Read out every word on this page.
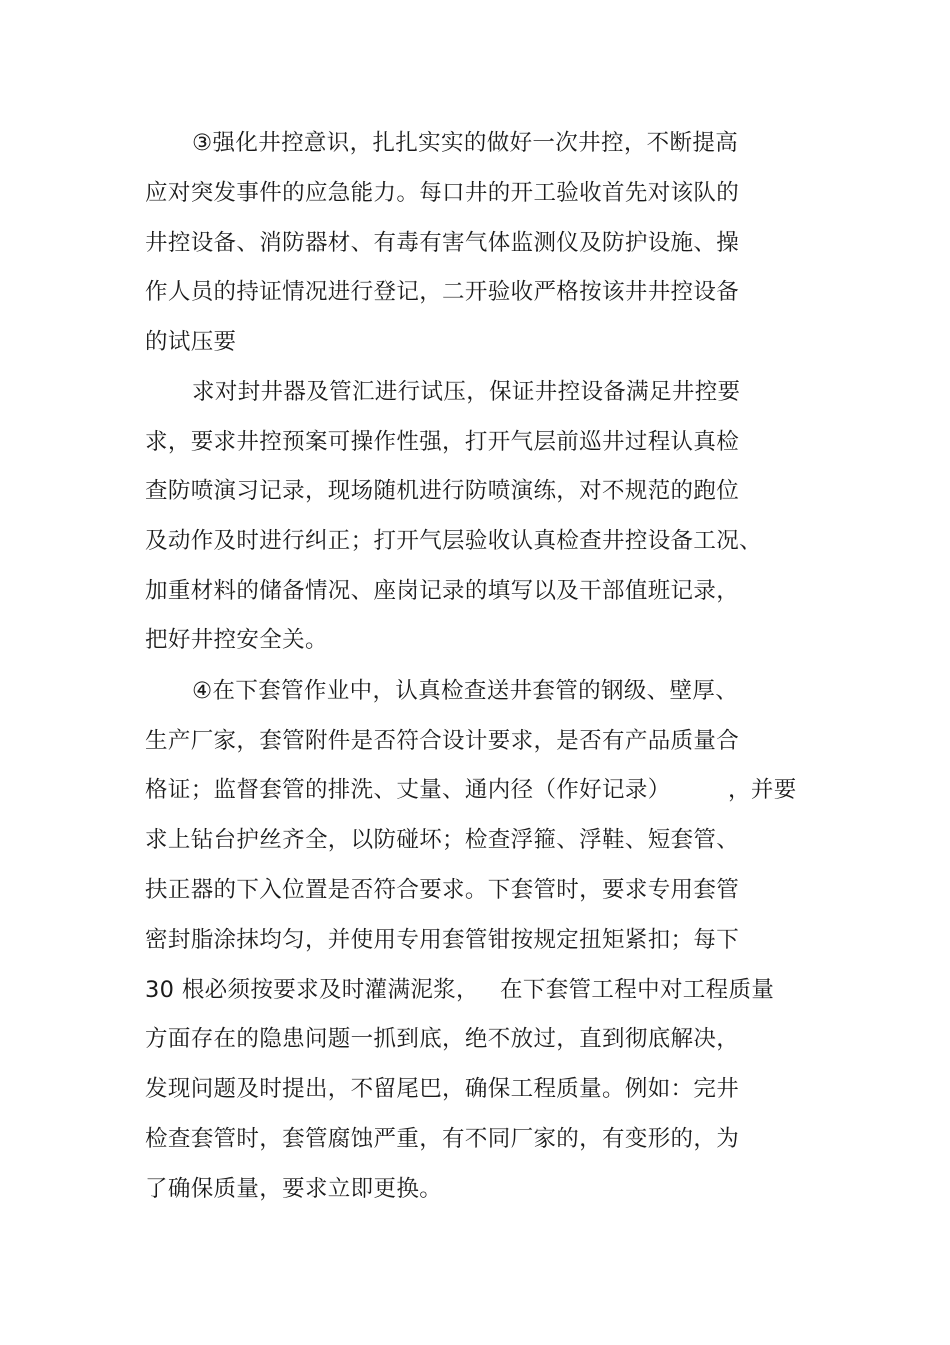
③强化井控意识，扎扎实实的做好一次井控，不断提高
应对突发事件的应急能力。每口井的开工验收首先对该队的
井控设备、消防器材、有毒有害气体监测仪及防护设施、操
作人员的持证情况进行登记，二开验收严格按该井井控设备
的试压要
求对封井器及管汇进行试压，保证井控设备满足井控要
求，要求井控预案可操作性强，打开气层前巡井过程认真检
查防喷演习记录，现场随机进行防喷演练，对不规范的跑位
及动作及时进行纠正；打开气层验收认真检查井控设备工况、
加重材料的储备情况、座岗记录的填写以及干部值班记录，
把好井控安全关。
④在下套管作业中，认真检查送井套管的钢级、壁厚、
生产厂家，套管附件是否符合设计要求，是否有产品质量合
格证；监督套管的排洗、丈量、通内径（作好记录）	，并要
求上钻台护丝齐全，以防碰坏；检查浮箍、浮鞋、短套管、
扶正器的下入位置是否符合要求。下套管时，要求专用套管
密封脂涂抹均匀，并使用专用套管钳按规定扭矩紧扣；每下
30 根必须按要求及时灌满泥浆， 在下套管工程中对工程质量
方面存在的隐患问题一抓到底，绝不放过，直到彻底解决，
发现问题及时提出，不留尾巴，确保工程质量。例如：完井
检查套管时，套管腐蚀严重，有不同厂家的，有变形的，为
了确保质量，要求立即更换。
